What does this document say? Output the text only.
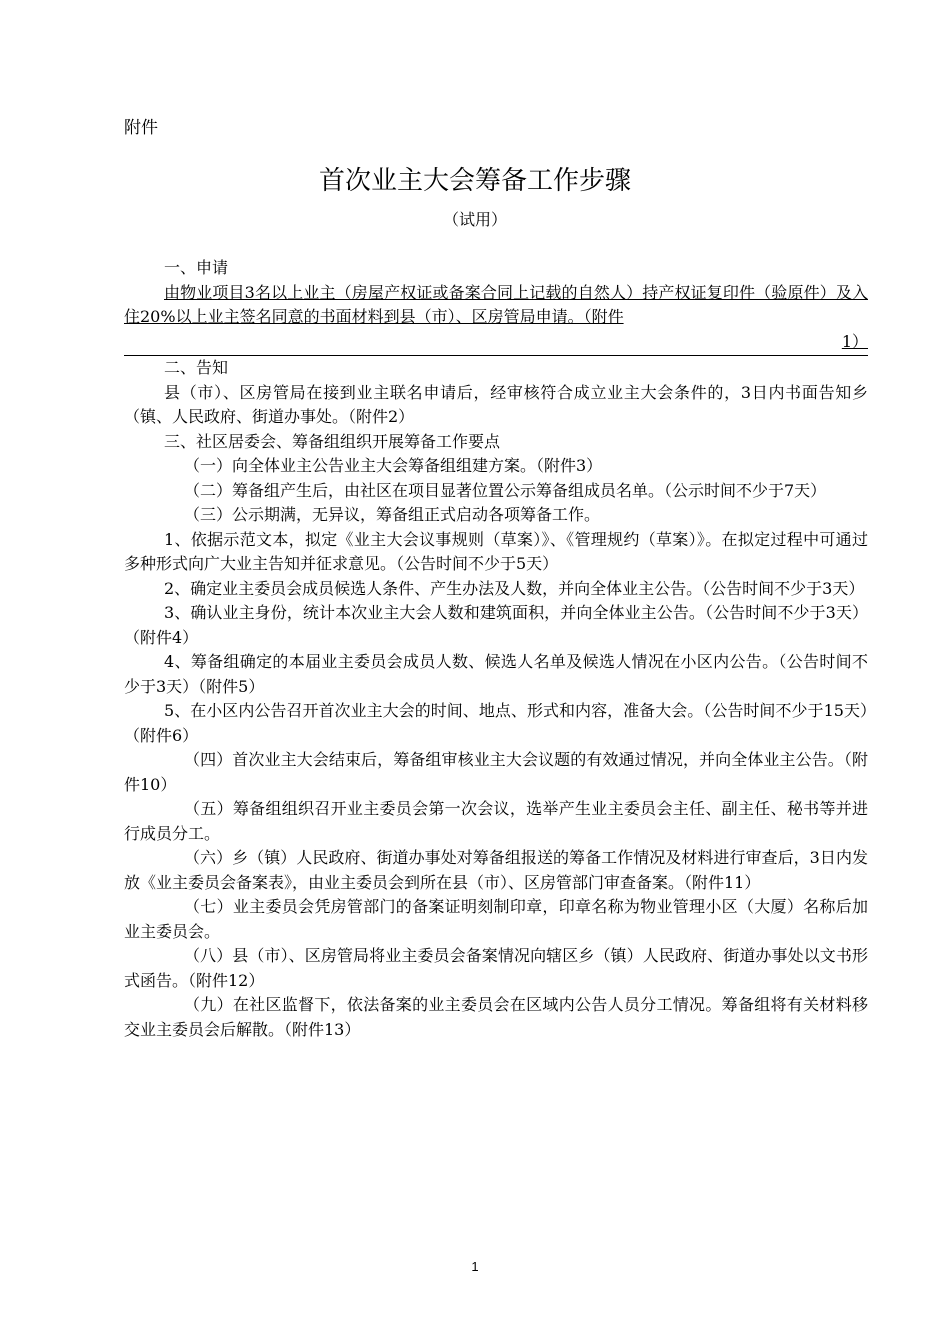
附件
首次业主大会筹备工作步骤
（试用）

一、申请

由物业项目3名以上业主（房屋产权证或备案合同上记载的自然人）持产权证复印件（验原件）及入住20%以上业主签名同意的书面材料到县（市）、区房管局申请。（附件

1）

二、告知

县（市）、区房管局在接到业主联名申请后，经审核符合成立业主大会条件的，3日内书面告知乡（镇、人民政府、街道办事处。（附件2）

三、社区居委会、筹备组组织开展筹备工作要点

（一）向全体业主公告业主大会筹备组组建方案。（附件3）

（二）筹备组产生后，由社区在项目显著位置公示筹备组成员名单。（公示时间不少于7天）

（三）公示期满，无异议，筹备组正式启动各项筹备工作。

1、依据示范文本，拟定《业主大会议事规则（草案）》、《管理规约（草案）》。在拟定过程中可通过多种形式向广大业主告知并征求意见。（公告时间不少于5天）

2、确定业主委员会成员候选人条件、产生办法及人数，并向全体业主公告。（公告时间不少于3天）

3、确认业主身份，统计本次业主大会人数和建筑面积，并向全体业主公告。（公告时间不少于3天）（附件4）

4、筹备组确定的本届业主委员会成员人数、候选人名单及候选人情况在小区内公告。（公告时间不少于3天）（附件5）

5、在小区内公告召开首次业主大会的时间、地点、形式和内容，准备大会。（公告时间不少于15天）（附件6）

（四）首次业主大会结束后，筹备组审核业主大会议题的有效通过情况，并向全体业主公告。（附件10）

（五）筹备组组织召开业主委员会第一次会议，选举产生业主委员会主任、副主任、秘书等并进行成员分工。

（六）乡（镇）人民政府、街道办事处对筹备组报送的筹备工作情况及材料进行审查后，3日内发放《业主委员会备案表》，由业主委员会到所在县（市）、区房管部门审查备案。（附件11）

（七）业主委员会凭房管部门的备案证明刻制印章，印章名称为物业管理小区（大厦）名称后加业主委员会。

（八）县（市）、区房管局将业主委员会备案情况向辖区乡（镇）人民政府、街道办事处以文书形式函告。（附件12）

（九）在社区监督下，依法备案的业主委员会在区域内公告人员分工情况。筹备组将有关材料移交业主委员会后解散。（附件13）

1
